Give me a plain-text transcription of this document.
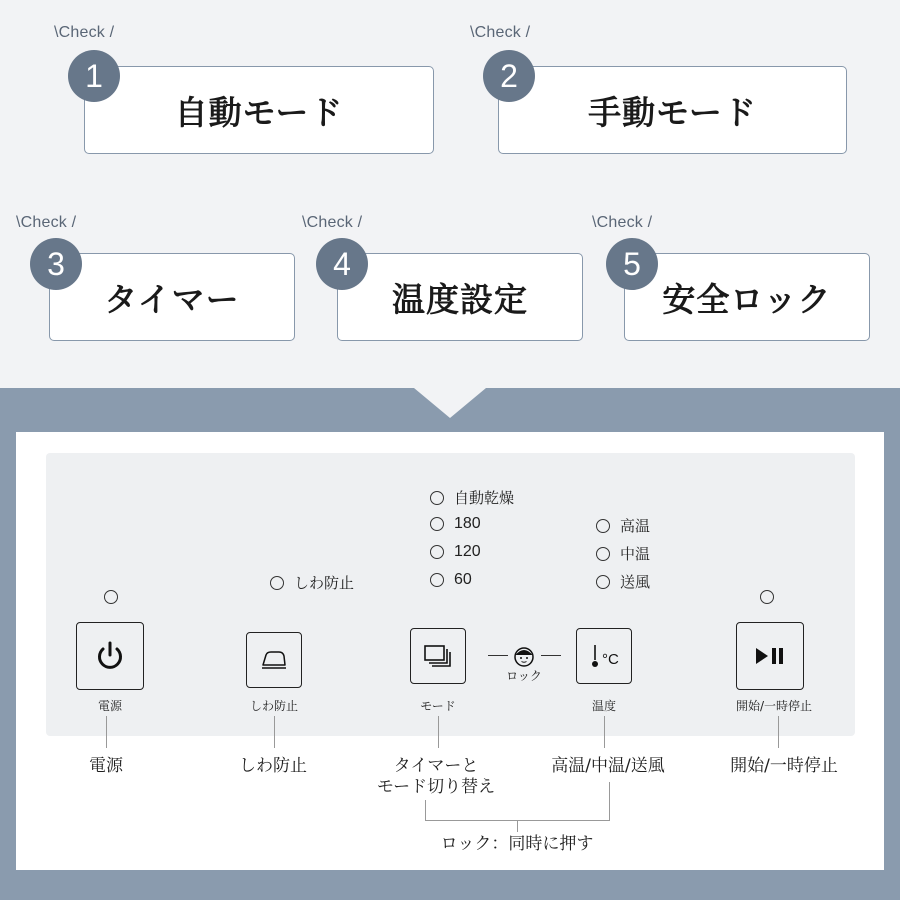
\Check /
自動モード
1
\Check /
手動モード
2
\Check /
タイマー
3
\Check /
温度設定
4
\Check /
安全ロック
5
自動乾燥
180
120
60
高温
中温
送風
しわ防止
電源	しわ防止	モード
ロック
°C
温度	開始/一時停止
電源	しわ防止	タイマーと
モード切り替え
高温/中温/送風	開始/一時停止
ロック：同時に押す
